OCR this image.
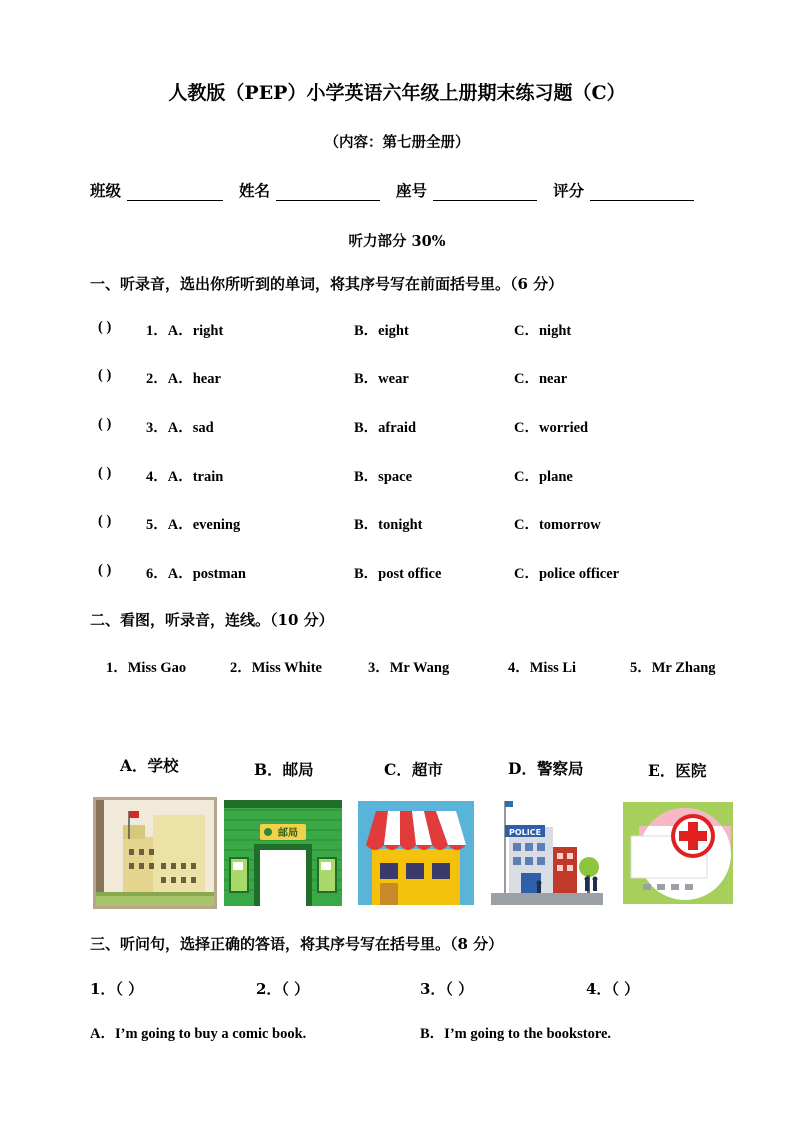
人教版（PEP）小学英语六年级上册期末练习题（C）
（内容：第七册全册）
班级	姓名	座号	评分
听力部分 30%
一、听录音，选出你所听到的单词，将其序号写在前面括号里。（6 分）
( ) 1．A．right	B．eight	C．night
( ) 2．A．hear	B．wear	C．near
( ) 3．A．sad	B．afraid	C．worried
( ) 4．A．train	B．space	C．plane
( ) 5．A．evening	B．tonight	C．tomorrow
( ) 6．A．postman	B．post office	C．police officer
二、看图，听录音，连线。（10 分）
1．Miss Gao	2．Miss White	3．Mr Wang	4．Miss Li	5．Mr Zhang
A．学校	B．邮局	C．超市	D．警察局	E．医院
邮局	POLICE
三、听问句，选择正确的答语，将其序号写在括号里。（8 分）
1．（ ）	2．（ ）	3．（ ）	4．（ ）
A．I’m going to buy a comic book.	B．I’m going to the bookstore.
